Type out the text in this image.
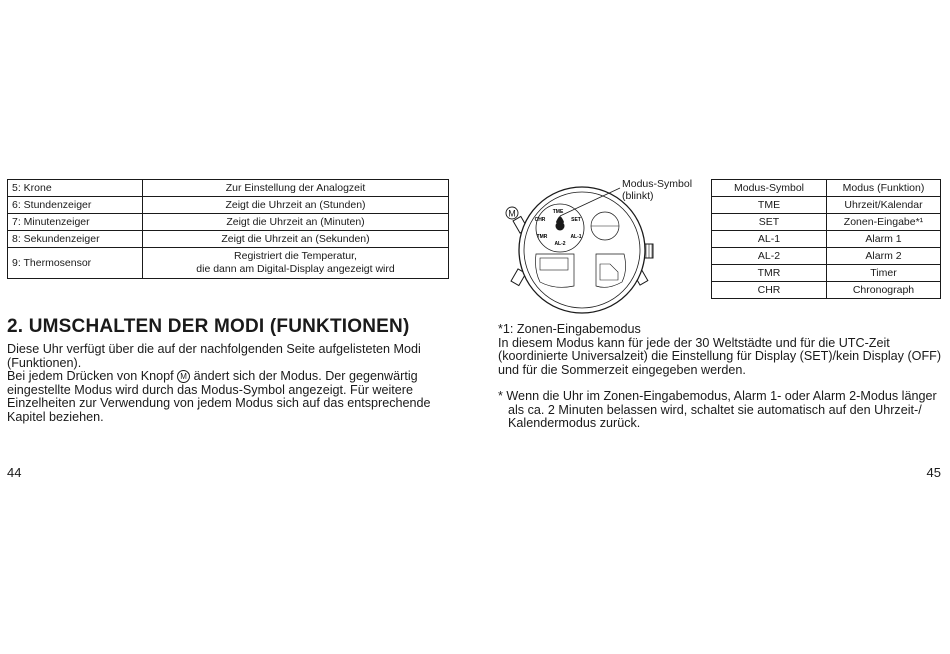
5: Krone	Zur Einstellung der Analogzeit
6: Stundenzeiger	Zeigt die Uhrzeit an (Stunden)
7: Minutenzeiger	Zeigt die Uhrzeit an (Minuten)
8: Sekundenzeiger	Zeigt die Uhrzeit an (Sekunden)
9: Thermosensor	Registriert die Temperatur,
die dann am Digital-Display angezeigt wird
2. UMSCHALTEN DER MODI (FUNKTIONEN)

Diese Uhr verfügt über die auf der nachfolgenden Seite aufgelisteten Modi
(Funktionen).
Bei jedem Drücken von Knopf M ändert sich der Modus. Der gegenwärtig
eingestellte Modus wird durch das Modus-Symbol angezeigt. Für weitere
Einzelheiten zur Verwendung von jedem Modus sich auf das entsprechende
Kapitel beziehen.

44
M	TME
CHR	SET
TMR	AL-1
AL-2
Modus-Symbol
(blinkt)
Modus-Symbol	Modus (Funktion)
TME	Uhrzeit/Kalendar
SET	Zonen-Eingabe*¹
AL-1	Alarm 1
AL-2	Alarm 2
TMR	Timer
CHR	Chronograph

*1: Zonen-Eingabemodus
In diesem Modus kann für jede der 30 Weltstädte und für die UTC-Zeit
(koordinierte Universalzeit) die Einstellung für Display (SET)/kein Display (OFF)
und für die Sommerzeit eingegeben werden.

* Wenn die Uhr im Zonen-Eingabemodus, Alarm 1- oder Alarm 2-Modus länger
als ca. 2 Minuten belassen wird, schaltet sie automatisch auf den Uhrzeit-/
Kalendermodus zurück.

45
